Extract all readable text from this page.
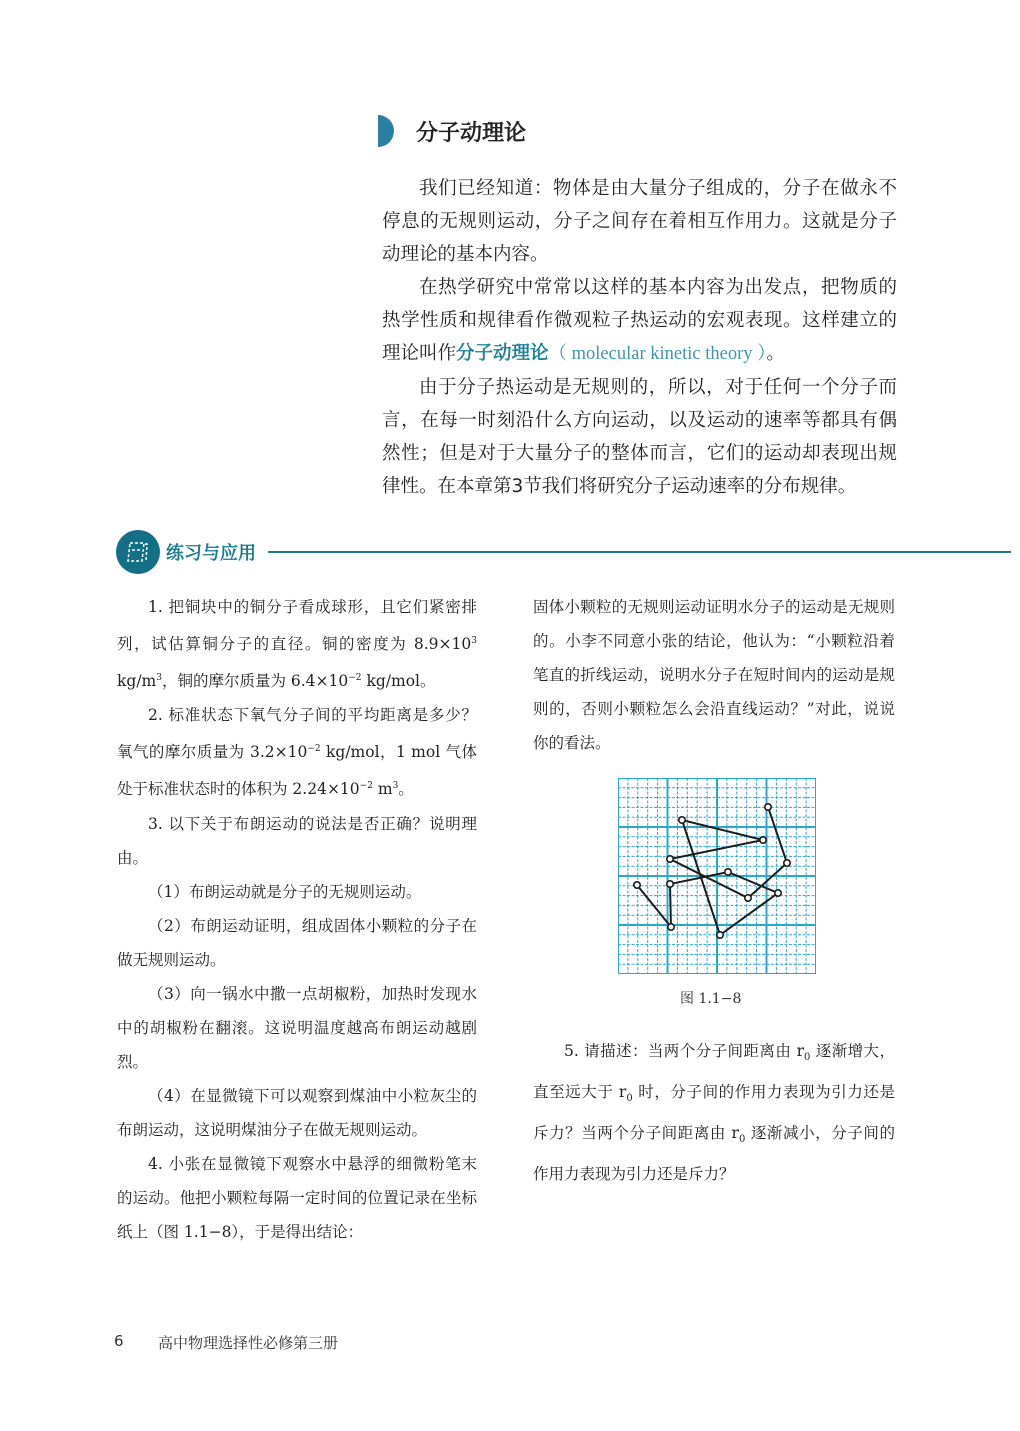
分子动理论

我们已经知道：物体是由大量分子组成的，分子在做永不停息的无规则运动，分子之间存在着相互作用力。这就是分子动理论的基本内容。

在热学研究中常常以这样的基本内容为出发点，把物质的热学性质和规律看作微观粒子热运动的宏观表现。这样建立的理论叫作分子动理论（ molecular kinetic theory ）。

由于分子热运动是无规则的，所以，对于任何一个分子而言，在每一时刻沿什么方向运动，以及运动的速率等都具有偶然性；但是对于大量分子的整体而言，它们的运动却表现出规律性。在本章第3节我们将研究分子运动速率的分布规律。

练习与应用

1. 把铜块中的铜分子看成球形，且它们紧密排列，试估算铜分子的直径。铜的密度为 $8.9\times 10^3$ $kg/m^3$，铜的摩尔质量为 $6.4\times 10^{-2}$ kg/mol。

2. 标准状态下氧气分子间的平均距离是多少？氧气的摩尔质量为 $3.2\times 10^{-2}$ kg/mol，1 mol 气体处于标准状态时的体积为 $2.24\times 10^{-2}$ $m^3$。

3. 以下关于布朗运动的说法是否正确？说明理由。

（1）布朗运动就是分子的无规则运动。

（2）布朗运动证明，组成固体小颗粒的分子在做无规则运动。

（3）向一锅水中撒一点胡椒粉，加热时发现水中的胡椒粉在翻滚。这说明温度越高布朗运动越剧烈。

（4）在显微镜下可以观察到煤油中小粒灰尘的布朗运动，这说明煤油分子在做无规则运动。

4. 小张在显微镜下观察水中悬浮的细微粉笔末的运动。他把小颗粒每隔一定时间的位置记录在坐标纸上（图 1.1−8），于是得出结论：

固体小颗粒的无规则运动证明水分子的运动是无规则的。小李不同意小张的结论，他认为：“小颗粒沿着笔直的折线运动，说明水分子在短时间内的运动是规则的，否则小颗粒怎么会沿直线运动？”对此，说说你的看法。

图 1.1−8

5. 请描述：当两个分子间距离由 $r_0$ 逐渐增大，直至远大于 $r_0$ 时，分子间的作用力表现为引力还是斥力？当两个分子间距离由 $r_0$ 逐渐减小，分子间的作用力表现为引力还是斥力？

6	高中物理选择性必修第三册
